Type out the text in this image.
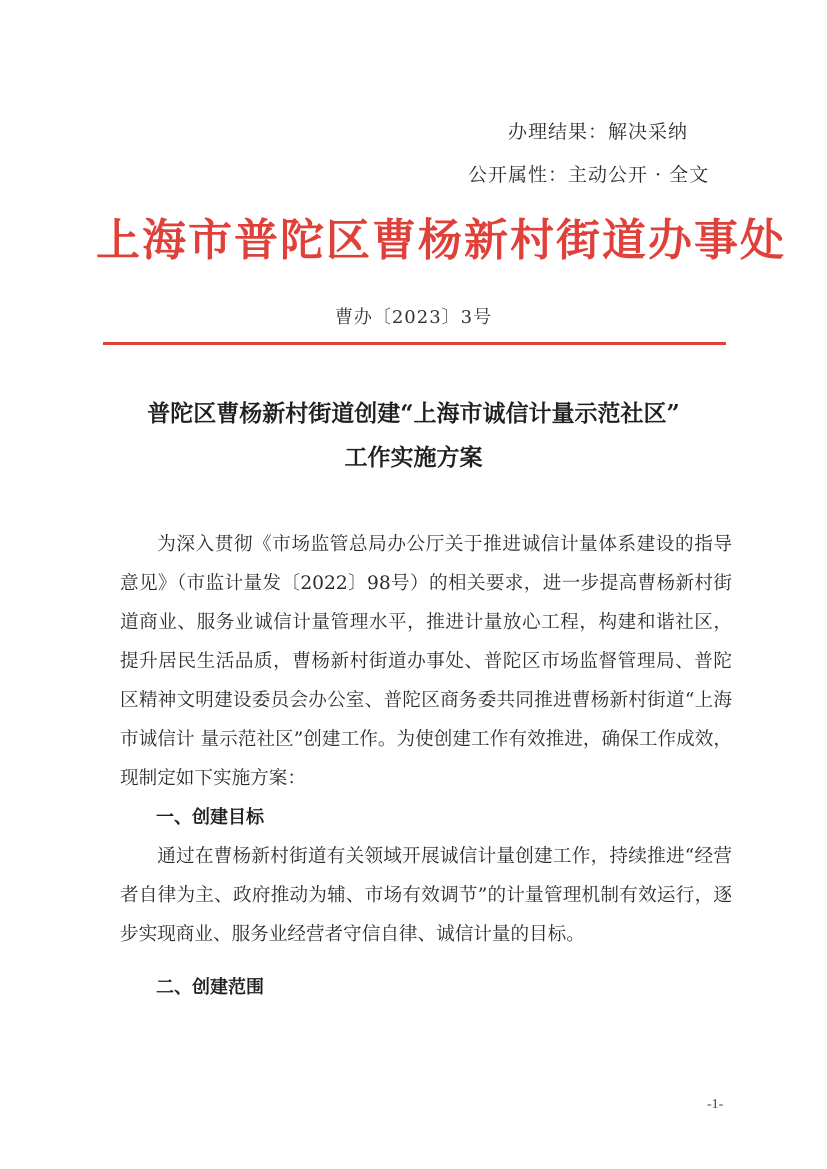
办理结果：解决采纳
公开属性：主动公开 · 全文
上海市普陀区曹杨新村街道办事处
曹办〔2023〕3号
普陀区曹杨新村街道创建“上海市诚信计量示范社区”
工作实施方案

为深入贯彻《市场监管总局办公厅关于推进诚信计量体系建设的指导意见》（市监计量发〔2022〕98号）的相关要求，进一步提高曹杨新村街道商业、服务业诚信计量管理水平，推进计量放心工程，构建和谐社区，提升居民生活品质，曹杨新村街道办事处、普陀区市场监督管理局、普陀区精神文明建设委员会办公室、普陀区商务委共同推进曹杨新村街道“上海市诚信计 量示范社区”创建工作。为使创建工作有效推进，确保工作成效，现制定如下实施方案：

一、创建目标

通过在曹杨新村街道有关领域开展诚信计量创建工作，持续推进“经营者自律为主、政府推动为辅、市场有效调节”的计量管理机制有效运行，逐步实现商业、服务业经营者守信自律、诚信计量的目标。

二、创建范围

-1-
